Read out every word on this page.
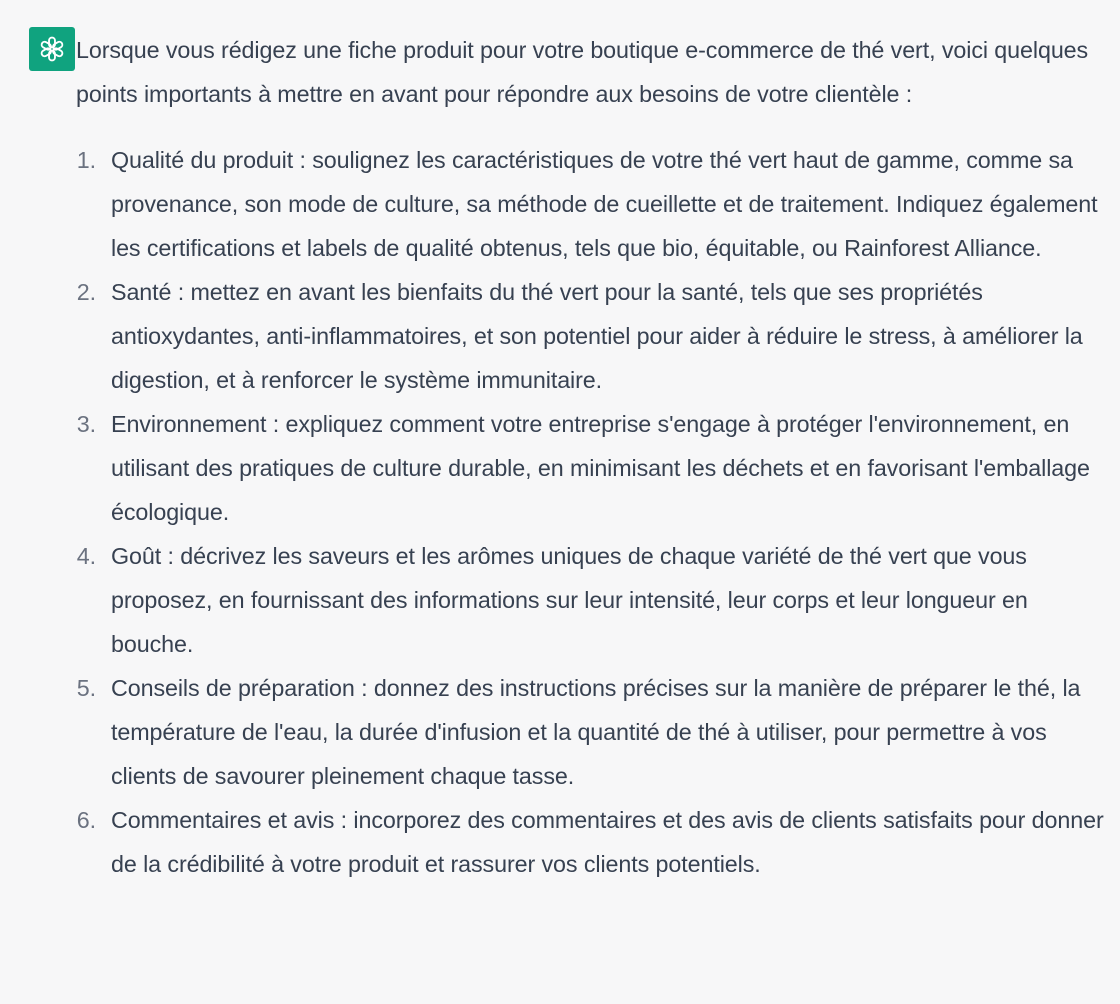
Lorsque vous rédigez une fiche produit pour votre boutique e-commerce de thé vert, voici quelques points importants à mettre en avant pour répondre aux besoins de votre clientèle :

1. Qualité du produit : soulignez les caractéristiques de votre thé vert haut de gamme, comme sa provenance, son mode de culture, sa méthode de cueillette et de traitement. Indiquez également les certifications et labels de qualité obtenus, tels que bio, équitable, ou Rainforest Alliance.
2. Santé : mettez en avant les bienfaits du thé vert pour la santé, tels que ses propriétés antioxydantes, anti-inflammatoires, et son potentiel pour aider à réduire le stress, à améliorer la digestion, et à renforcer le système immunitaire.
3. Environnement : expliquez comment votre entreprise s'engage à protéger l'environnement, en utilisant des pratiques de culture durable, en minimisant les déchets et en favorisant l'emballage écologique.
4. Goût : décrivez les saveurs et les arômes uniques de chaque variété de thé vert que vous proposez, en fournissant des informations sur leur intensité, leur corps et leur longueur en bouche.
5. Conseils de préparation : donnez des instructions précises sur la manière de préparer le thé, la température de l'eau, la durée d'infusion et la quantité de thé à utiliser, pour permettre à vos clients de savourer pleinement chaque tasse.
6. Commentaires et avis : incorporez des commentaires et des avis de clients satisfaits pour donner de la crédibilité à votre produit et rassurer vos clients potentiels.
